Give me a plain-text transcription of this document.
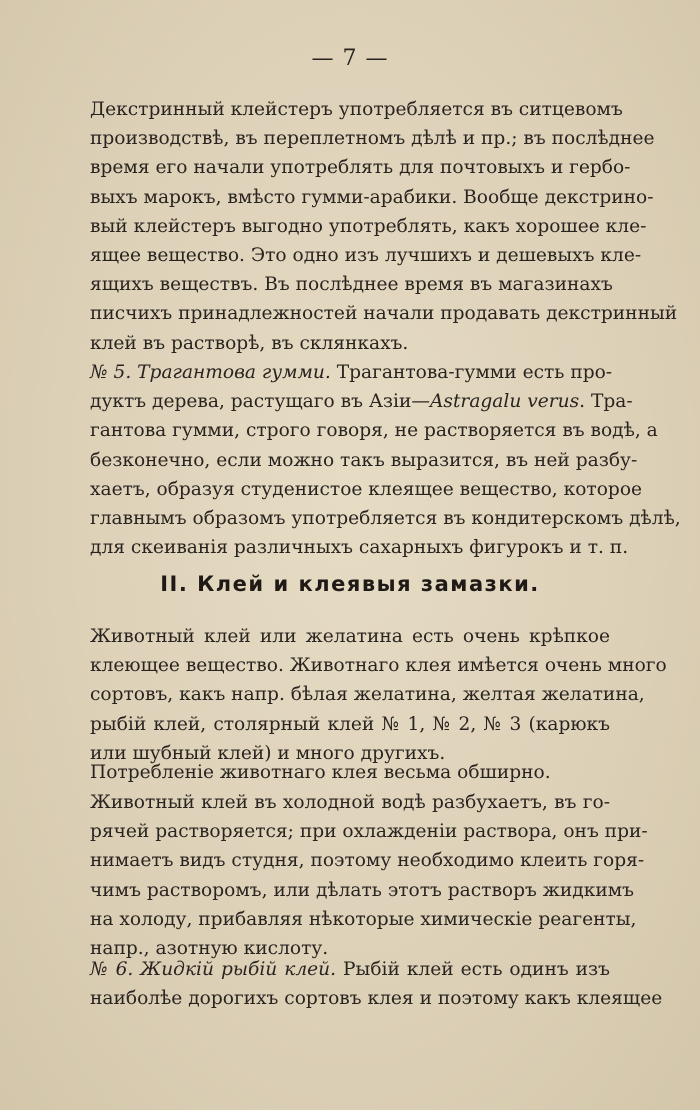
— 7 —
Декстринный клейстеръ употребляется въ ситцевомъ
производствѣ, въ переплетномъ дѣлѣ и пр.; въ послѣднее
время его начали употреблять для почтовыхъ и гербо-
выхъ марокъ, вмѣсто гумми-арабики. Вообще декстрино-
вый клейстеръ выгодно употреблять, какъ хорошее кле-
ящее вещество. Это одно изъ лучшихъ и дешевыхъ кле-
ящихъ веществъ. Въ послѣднее время въ магазинахъ
писчихъ принадлежностей начали продавать декстринный
клей въ растворѣ, въ склянкахъ.
№ 5. Трагантова гумми. Трагантова-гумми есть про-
дуктъ дерева, растущаго въ Азіи—Astragalu verus. Тра-
гантова гумми, строго говоря, не растворяется въ водѣ, а
безконечно, если можно такъ выразится, въ ней разбу-
хаетъ, образуя студенистое клеящее вещество, которое
главнымъ образомъ употребляется въ кондитерскомъ дѣлѣ,
для скеиванія различныхъ сахарныхъ фигурокъ и т. п.
II. Клей и клеявыя замазки.
Животный клей или желатина есть очень крѣпкое
клеющее вещество. Животнаго клея имѣется очень много
сортовъ, какъ напр. бѣлая желатина, желтая желатина,
рыбій клей, столярный клей № 1, № 2, № 3 (карюкъ
или шубный клей) и много другихъ.
Потребленіе животнаго клея весьма обширно.
Животный клей въ холодной водѣ разбухаетъ, въ го-
рячей растворяется; при охлажденіи раствора, онъ при-
нимаетъ видъ студня, поэтому необходимо клеить горя-
чимъ растворомъ, или дѣлать этотъ раствоpъ жидкимъ
на холоду, прибавляя нѣкоторые химическіе реагенты,
напр., азотную кислоту.
№ 6. Жидкій рыбій клей. Рыбій клей есть одинъ изъ
наиболѣе дорогихъ сортовъ клея и поэтому какъ клеящее
